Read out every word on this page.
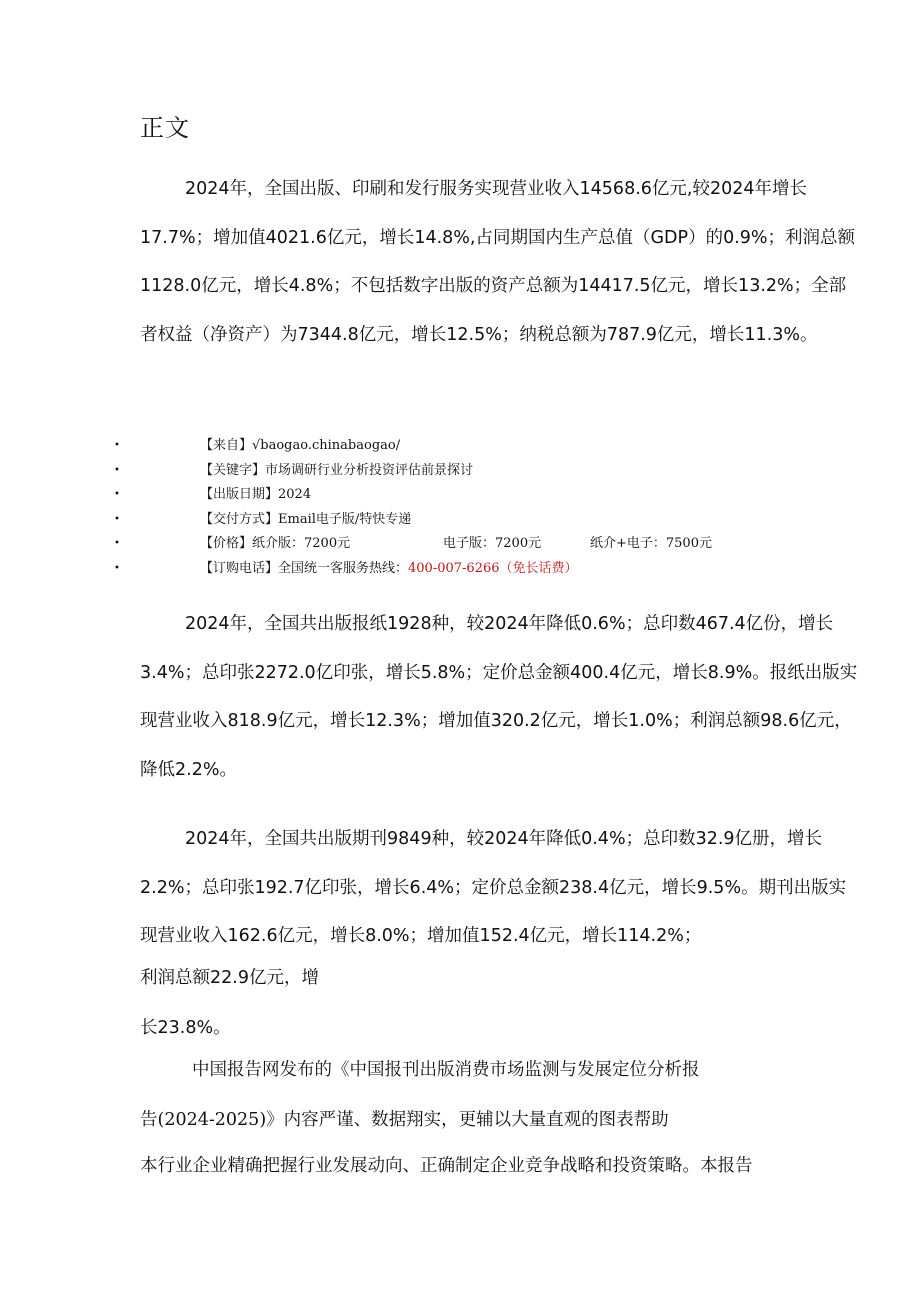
正文

2024年，全国出版、印刷和发行服务实现营业收入14568.6亿元,较2024年增长17.7%；增加值4021.6亿元，增长14.8%,占同期国内生产总值（GDP）的0.9%；利润总额1128.0亿元，增长4.8%；不包括数字出版的资产总额为14417.5亿元，增长13.2%；全部者权益（净资产）为7344.8亿元，增长12.5%；纳税总额为787.9亿元，增长11.3%。

•	【来自】√baogao.chinabaogao/
•	【关键字】市场调研行业分析投资评估前景探讨
•	【出版日期】2024
•	【交付方式】Email电子版/特快专递
•	【价格】纸介版：7200元	电子版：7200元	纸介+电子：7500元
•	【订购电话】全国统一客服务热线：400-007-6266（免长话费）

2024年，全国共出版报纸1928种，较2024年降低0.6%；总印数467.4亿份，增长3.4%；总印张2272.0亿印张，增长5.8%；定价总金额400.4亿元，增长8.9%。报纸出版实现营业收入818.9亿元，增长12.3%；增加值320.2亿元，增长1.0%；利润总额98.6亿元，降低2.2%。

2024年，全国共出版期刊9849种，较2024年降低0.4%；总印数32.9亿册，增长2.2%；总印张192.7亿印张，增长6.4%；定价总金额238.4亿元，增长9.5%。期刊出版实现营业收入162.6亿元，增长8.0%；增加值152.4亿元，增长114.2%；

利润总额22.9亿元，增

长23.8%。

中国报告网发布的《中国报刊出版消费市场监测与发展定位分析报

告(2024-2025)》内容严谨、数据翔实，更辅以大量直观的图表帮助

本行业企业精确把握行业发展动向、正确制定企业竞争战略和投资策略。本报告
